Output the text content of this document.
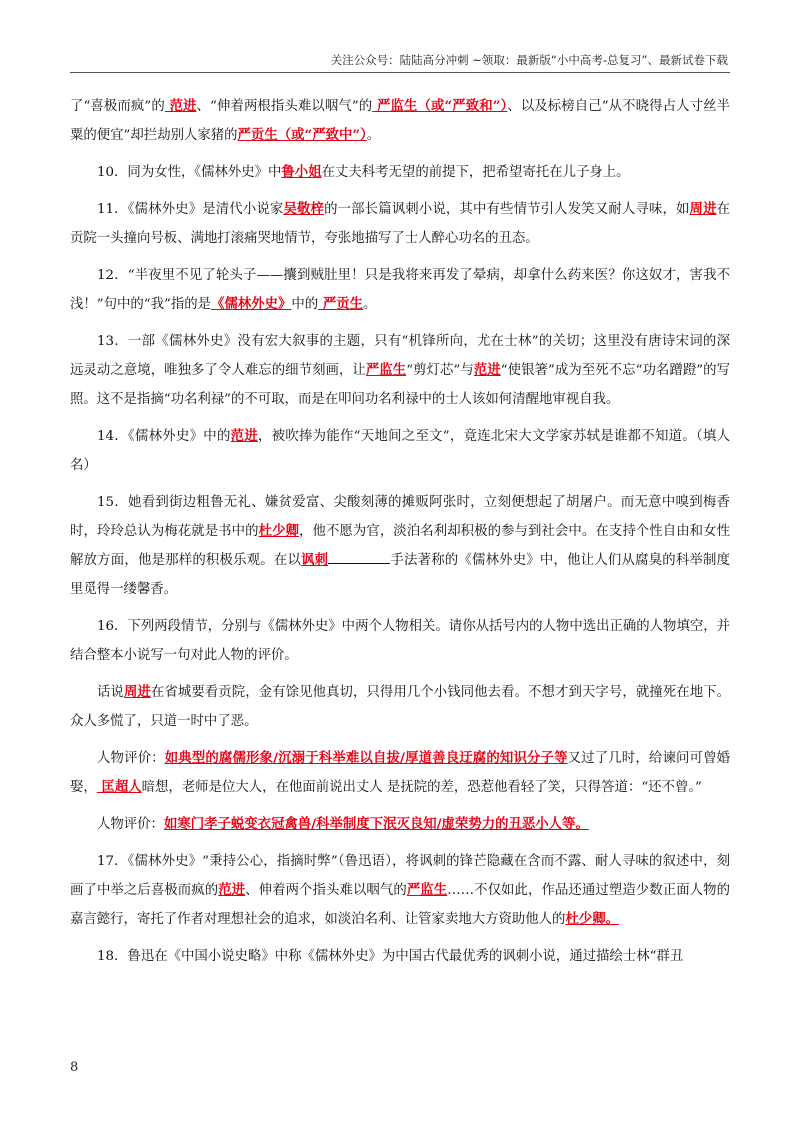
关注公众号：陆陆高分冲刺 ~领取：最新版“小中高考-总复习”、最新试卷下载

了“喜极而疯”的 范进、“伸着两根指头难以咽气”的 严监生（或“严致和”）、以及标榜自己“从不晓得占人寸丝半粟的便宜”却拦劫别人家猪的严贡生（或“严致中”）。

10．同为女性，《儒林外史》中鲁小姐在丈夫科考无望的前提下，把希望寄托在儿子身上。

11．《儒林外史》是清代小说家吴敬梓的一部长篇讽刺小说，其中有些情节引人发笑又耐人寻味，如周进在贡院一头撞向号板、满地打滚痛哭地情节，夸张地描写了士人醉心功名的丑态。

12．“半夜里不见了轮头子——攮到贼肚里！只是我将来再发了晕病，却拿什么药来医？你这奴才，害我不浅！”句中的“我”指的是《儒林外史》中的 严贡生。

13．一部《儒林外史》没有宏大叙事的主题，只有“机锋所向，尤在士林”的关切；这里没有唐诗宋词的深远灵动之意境，唯独多了令人难忘的细节刻画，让严监生“剪灯芯”与范进“使银箸”成为至死不忘“功名蹭蹬”的写照。这不是指摘“功名利禄”的不可取，而是在叩问功名利禄中的士人该如何清醒地审视自我。

14．《儒林外史》中的范进，被吹捧为能作“天地间之至文”，竟连北宋大文学家苏轼是谁都不知道。（填人名）

15．她看到街边粗鲁无礼、嫌贫爱富、尖酸刻薄的摊贩阿张时，立刻便想起了胡屠户。而无意中嗅到梅香时，玲玲总认为梅花就是书中的杜少卿，他不愿为官，淡泊名利却积极的参与到社会中。在支持个性自由和女性解放方面，他是那样的积极乐观。在以讽刺	手法著称的《儒林外史》中，他让人们从腐臭的科举制度里觅得一缕馨香。

16．下列两段情节，分别与《儒林外史》中两个人物相关。请你从括号内的人物中选出正确的人物填空，并结合整本小说写一句对此人物的评价。

话说周进在省城要看贡院，金有馀见他真切，只得用几个小钱同他去看。不想才到天字号，就撞死在地下。众人多慌了，只道一时中了恶。

人物评价：如典型的腐儒形象/沉溺于科举难以自拔/厚道善良迂腐的知识分子等又过了几时，给谏问可曾婚娶， 匡超人暗想，老师是位大人，在他面前说出丈人 是抚院的差，恐惹他看轻了笑，只得答道：“还不曾。”

人物评价：如寒门孝子蜕变衣冠禽兽/科举制度下泯灭良知/虚荣势力的丑恶小人等。

17．《儒林外史》“秉持公心，指摘时弊”（鲁迅语），将讽刺的锋芒隐藏在含而不露、耐人寻味的叙述中，刻画了中举之后喜极而疯的范进、伸着两个指头难以咽气的严监生……不仅如此，作品还通过塑造少数正面人物的嘉言懿行，寄托了作者对理想社会的追求，如淡泊名利、让管家卖地大方资助他人的杜少卿。

18．鲁迅在《中国小说史略》中称《儒林外史》为中国古代最优秀的讽刺小说，通过描绘士林“群丑

8
